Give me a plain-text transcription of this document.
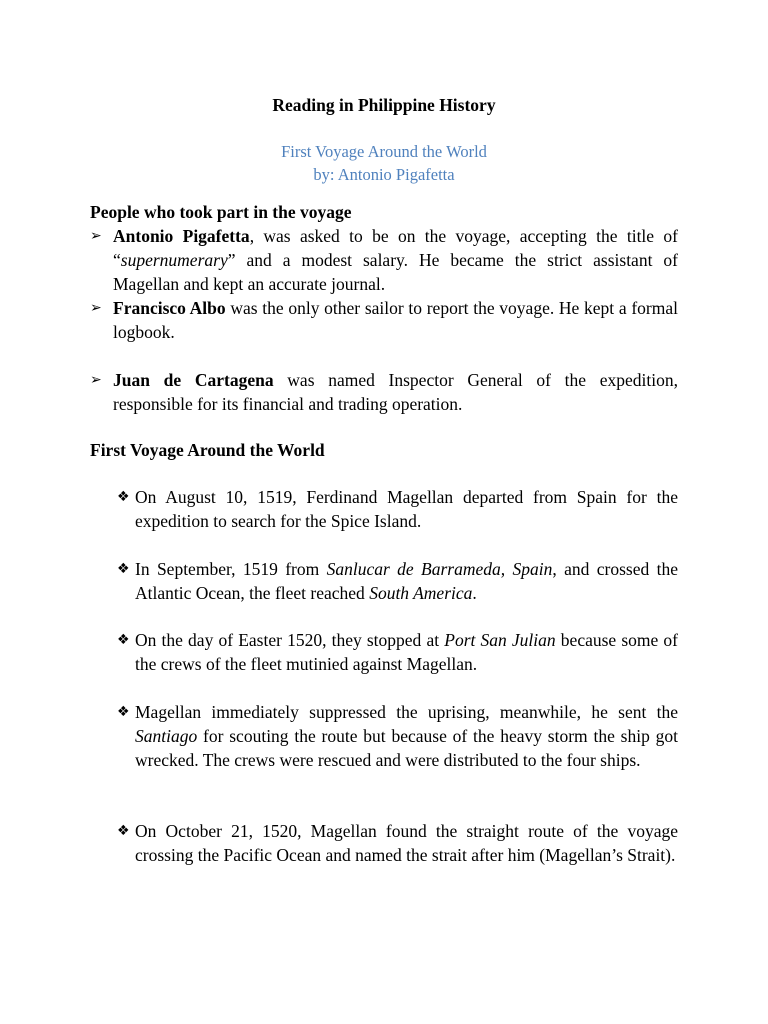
Reading in Philippine History
First Voyage Around the World
by: Antonio Pigafetta
People who took part in the voyage
➢ Antonio Pigafetta, was asked to be on the voyage, accepting the title of “supernumerary” and a modest salary. He became the strict assistant of Magellan and kept an accurate journal.
➢ Francisco Albo was the only other sailor to report the voyage. He kept a formal logbook.
➢ Juan de Cartagena was named Inspector General of the expedition, responsible for its financial and trading operation.
First Voyage Around the World
❖ On August 10, 1519, Ferdinand Magellan departed from Spain for the expedition to search for the Spice Island.
❖ In September, 1519 from Sanlucar de Barrameda, Spain, and crossed the Atlantic Ocean, the fleet reached South America.
❖ On the day of Easter 1520, they stopped at Port San Julian because some of the crews of the fleet mutinied against Magellan.
❖ Magellan immediately suppressed the uprising, meanwhile, he sent the Santiago for scouting the route but because of the heavy storm the ship got wrecked. The crews were rescued and were distributed to the four ships.
❖ On October 21, 1520, Magellan found the straight route of the voyage crossing the Pacific Ocean and named the strait after him (Magellan’s Strait).
